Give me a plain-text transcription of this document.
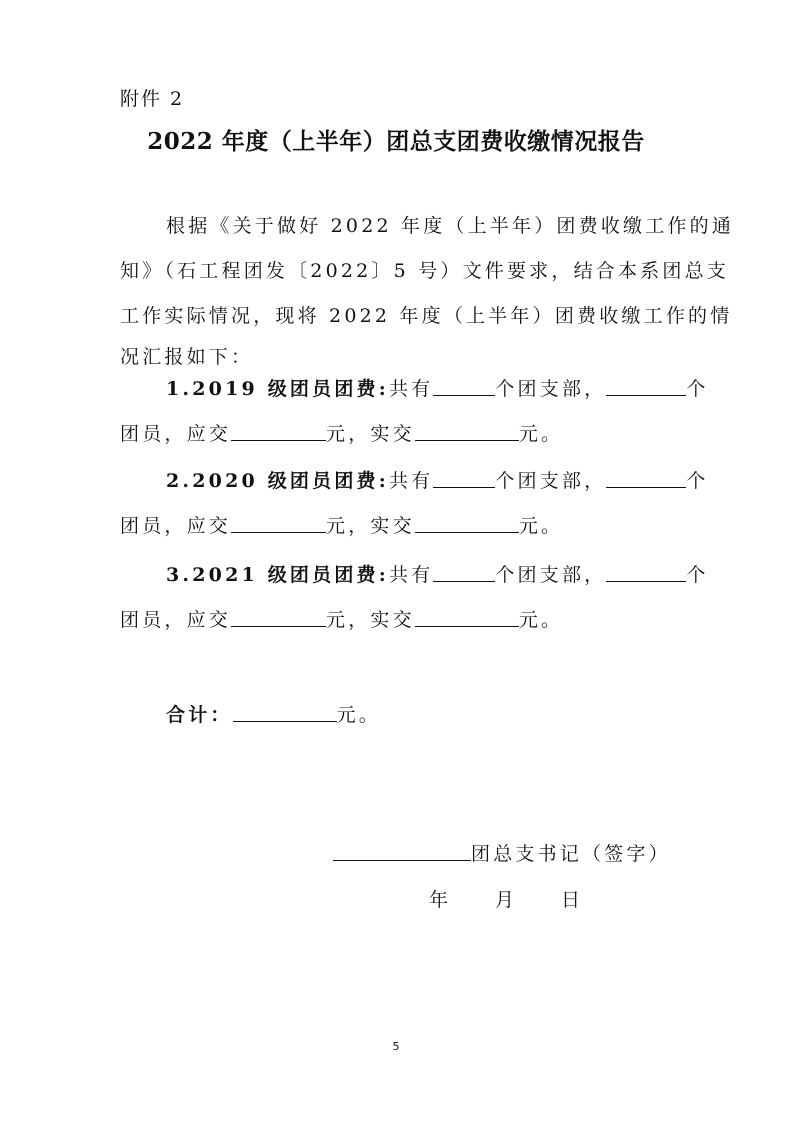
附件 2
2022 年度（上半年）团总支团费收缴情况报告
根据《关于做好 2022 年度（上半年）团费收缴工作的通
知》（石工程团发〔2022〕5 号）文件要求，结合本系团总支
工作实际情况，现将 2022 年度（上半年）团费收缴工作的情
况汇报如下：
1.2019 级团员团费:共有	个团支部，	个
团员，应交	元，实交	元。
2.2020 级团员团费:共有	个团支部，	个
团员，应交	元，实交	元。
3.2021 级团员团费:共有	个团支部，	个
团员，应交	元，实交	元。
合计：	元。
团总支书记（签字）
年 月 日
5
